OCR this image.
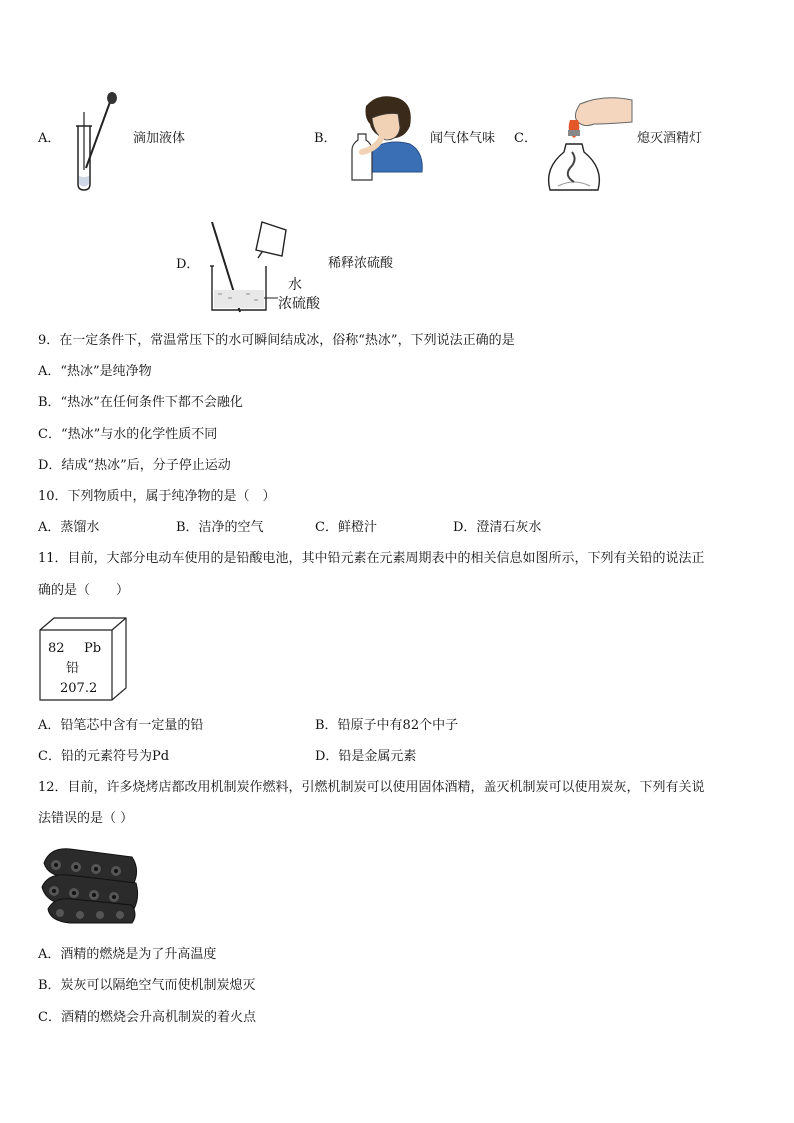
A．	滴加液体	B．	闻气体气味 C．	熄灭酒精灯
D．
水
浓硫酸
稀释浓硫酸
9．在一定条件下，常温常压下的水可瞬间结成冰，俗称“热冰”，下列说法正确的是
A．“热冰”是纯净物
B．“热冰”在任何条件下都不会融化
C．“热冰”与水的化学性质不同
D．结成“热冰”后，分子停止运动
10．下列物质中，属于纯净物的是（　）
A．蒸馏水	B．洁净的空气	C．鲜橙汁	D．澄清石灰水
11．目前，大部分电动车使用的是铅酸电池，其中铅元素在元素周期表中的相关信息如图所示，下列有关铅的说法正
确的是（　　）
82 Pb
铅
207.2
A．铅笔芯中含有一定量的铅	B．铅原子中有82个中子
C．铅的元素符号为Pd	D．铅是金属元素
12．目前，许多烧烤店都改用机制炭作燃料，引燃机制炭可以使用固体酒精，盖灭机制炭可以使用炭灰，下列有关说
法错误的是（ ）
A．酒精的燃烧是为了升高温度
B．炭灰可以隔绝空气而使机制炭熄灭
C．酒精的燃烧会升高机制炭的着火点
